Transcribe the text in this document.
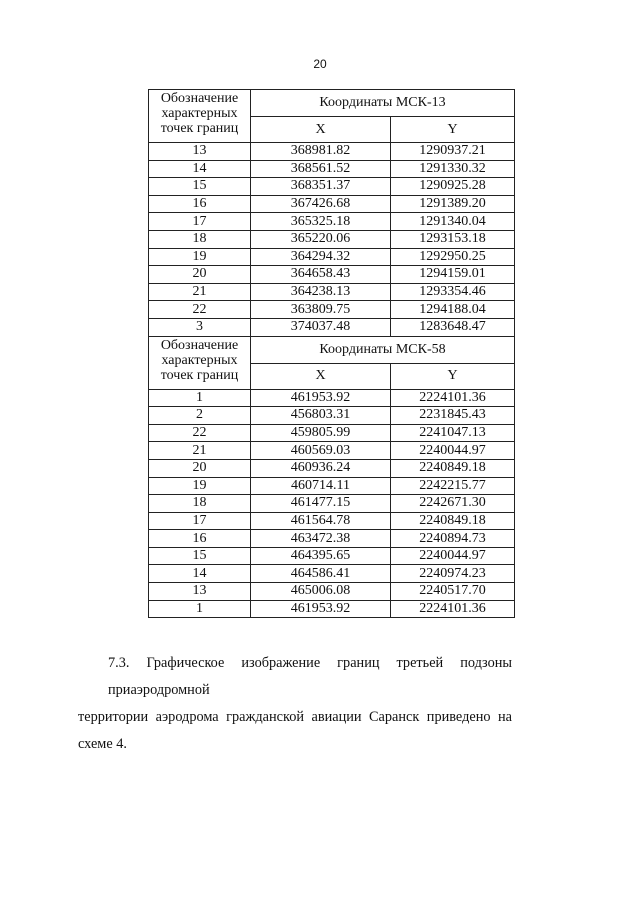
20
Обозначение характерных точек границ	Координаты МСК-13	
	X	Y
13	368981.82	1290937.21
14	368561.52	1291330.32
15	368351.37	1290925.28
16	367426.68	1291389.20
17	365325.18	1291340.04
18	365220.06	1293153.18
19	364294.32	1292950.25
20	364658.43	1294159.01
21	364238.13	1293354.46
22	363809.75	1294188.04
3	374037.48	1283648.47
Обозначение характерных точек границ	Координаты МСК-58	
	X	Y
1	461953.92	2224101.36
2	456803.31	2231845.43
22	459805.99	2241047.13
21	460569.03	2240044.97
20	460936.24	2240849.18
19	460714.11	2242215.77
18	461477.15	2242671.30
17	461564.78	2240849.18
16	463472.38	2240894.73
15	464395.65	2240044.97
14	464586.41	2240974.23
13	465006.08	2240517.70
1	461953.92	2224101.36
7.3. Графическое изображение границ третьей подзоны приаэродромной
территории аэродрома гражданской авиации Саранск приведено на схеме 4.
